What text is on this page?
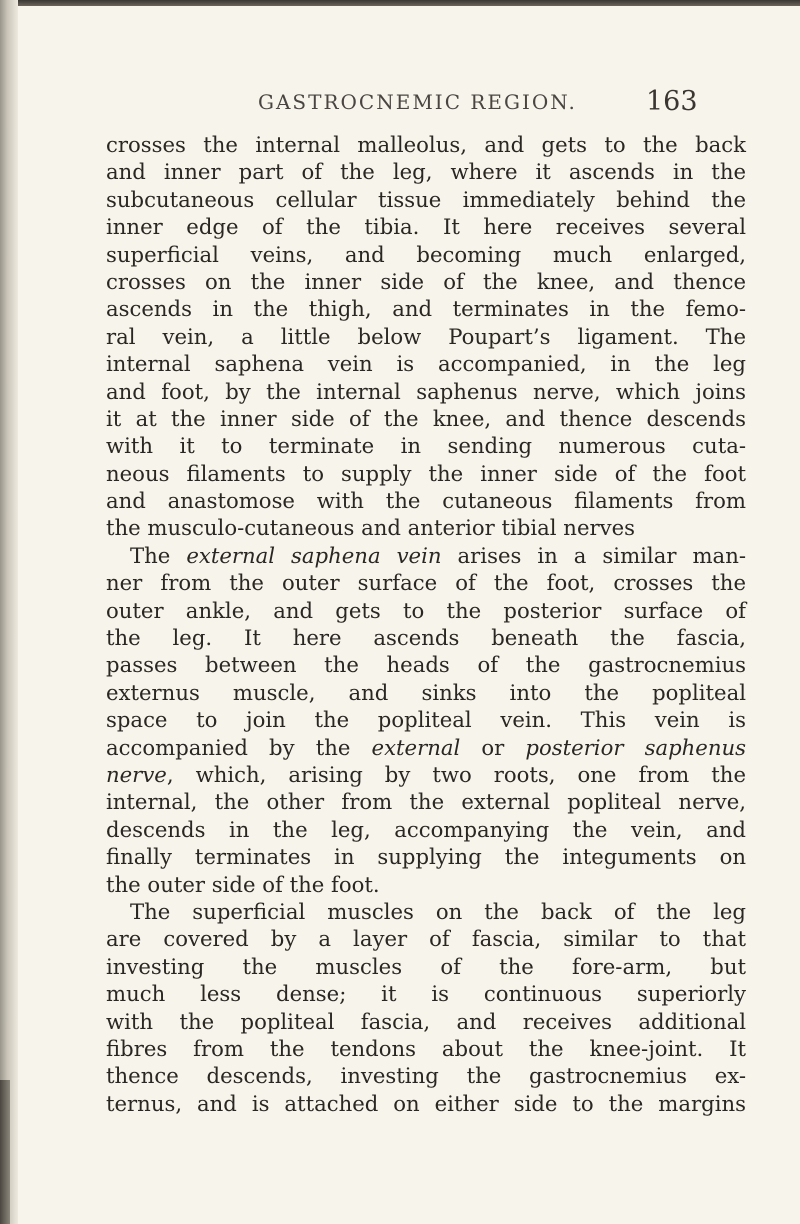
GASTROCNEMIC REGION.	163
crosses the internal malleolus, and gets to the back
and inner part of the leg, where it ascends in the
subcutaneous cellular tissue immediately behind the
inner edge of the tibia. It here receives several
superficial veins, and becoming much enlarged,
crosses on the inner side of the knee, and thence
ascends in the thigh, and terminates in the femo-
ral vein, a little below Poupart’s ligament. The
internal saphena vein is accompanied, in the leg
and foot, by the internal saphenus nerve, which joins
it at the inner side of the knee, and thence descends
with it to terminate in sending numerous cuta-
neous filaments to supply the inner side of the foot
and anastomose with the cutaneous filaments from
the musculo-cutaneous and anterior tibial nerves
The external saphena vein arises in a similar man-
ner from the outer surface of the foot, crosses the
outer ankle, and gets to the posterior surface of
the leg. It here ascends beneath the fascia,
passes between the heads of the gastrocnemius
externus muscle, and sinks into the popliteal
space to join the popliteal vein. This vein is
accompanied by the external or posterior saphenus
nerve, which, arising by two roots, one from the
internal, the other from the external popliteal nerve,
descends in the leg, accompanying the vein, and
finally terminates in supplying the integuments on
the outer side of the foot.
The superficial muscles on the back of the leg
are covered by a layer of fascia, similar to that
investing the muscles of the fore-arm, but
much less dense; it is continuous superiorly
with the popliteal fascia, and receives additional
fibres from the tendons about the knee-joint. It
thence descends, investing the gastrocnemius ex-
ternus, and is attached on either side to the margins
